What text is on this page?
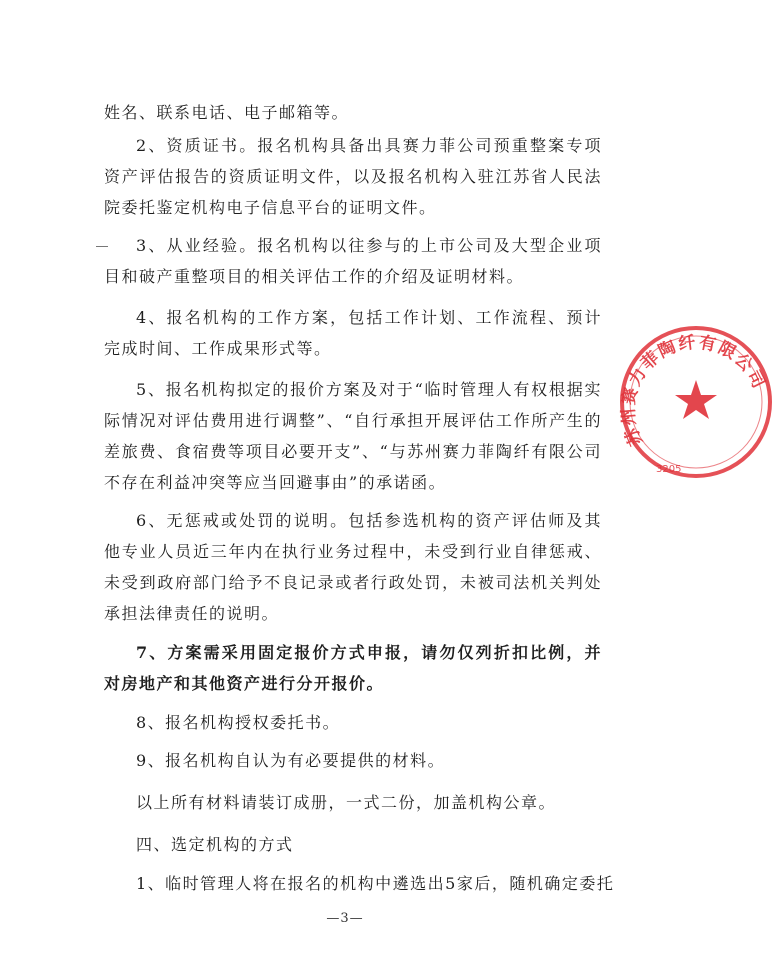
姓名、联系电话、电子邮箱等。

2、资质证书。报名机构具备出具赛力菲公司预重整案专项资产评估报告的资质证明文件，以及报名机构入驻江苏省人民法院委托鉴定机构电子信息平台的证明文件。

3、从业经验。报名机构以往参与的上市公司及大型企业项目和破产重整项目的相关评估工作的介绍及证明材料。

4、报名机构的工作方案，包括工作计划、工作流程、预计完成时间、工作成果形式等。

5、报名机构拟定的报价方案及对于“临时管理人有权根据实际情况对评估费用进行调整”、“自行承担开展评估工作所产生的差旅费、食宿费等项目必要开支”、“与苏州赛力菲陶纤有限公司不存在利益冲突等应当回避事由”的承诺函。

6、无惩戒或处罚的说明。包括参选机构的资产评估师及其他专业人员近三年内在执行业务过程中，未受到行业自律惩戒、未受到政府部门给予不良记录或者行政处罚，未被司法机关判处承担法律责任的说明。

7、方案需采用固定报价方式申报，请勿仅列折扣比例，并对房地产和其他资产进行分开报价。

8、报名机构授权委托书。

9、报名机构自认为有必要提供的材料。

以上所有材料请装订成册，一式二份，加盖机构公章。

四、选定机构的方式

1、临时管理人将在报名的机构中遴选出5家后，随机确定委托

—3—
苏州赛力菲陶纤有限公司
3205
